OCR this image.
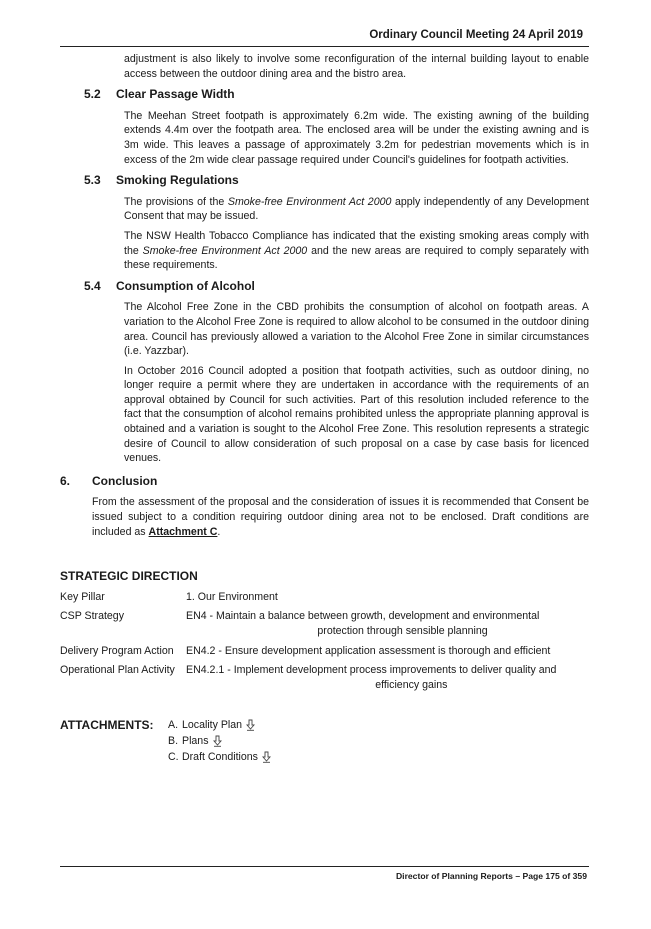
Ordinary Council Meeting 24 April 2019

adjustment is also likely to involve some reconfiguration of the internal building layout to enable access between the outdoor dining area and the bistro area.

5.2	Clear Passage Width

The Meehan Street footpath is approximately 6.2m wide. The existing awning of the building extends 4.4m over the footpath area. The enclosed area will be under the existing awning and is 3m wide. This leaves a passage of approximately 3.2m for pedestrian movements which is in excess of the 2m wide clear passage required under Council's guidelines for footpath activities.

5.3	Smoking Regulations

The provisions of the Smoke-free Environment Act 2000 apply independently of any Development Consent that may be issued.

The NSW Health Tobacco Compliance has indicated that the existing smoking areas comply with the Smoke-free Environment Act 2000 and the new areas are required to comply separately with these requirements.

5.4	Consumption of Alcohol

The Alcohol Free Zone in the CBD prohibits the consumption of alcohol on footpath areas. A variation to the Alcohol Free Zone is required to allow alcohol to be consumed in the outdoor dining area. Council has previously allowed a variation to the Alcohol Free Zone in similar circumstances (i.e. Yazzbar).

In October 2016 Council adopted a position that footpath activities, such as outdoor dining, no longer require a permit where they are undertaken in accordance with the requirements of an approval obtained by Council for such activities. Part of this resolution included reference to the fact that the consumption of alcohol remains prohibited unless the appropriate planning approval is obtained and a variation is sought to the Alcohol Free Zone. This resolution represents a strategic desire of Council to allow consideration of such proposal on a case by case basis for licenced venues.

6.	Conclusion

From the assessment of the proposal and the consideration of issues it is recommended that Consent be issued subject to a condition requiring outdoor dining area not to be enclosed. Draft conditions are included as Attachment C.

STRATEGIC DIRECTION
Key Pillar	1. Our Environment
CSP Strategy	EN4 - Maintain a balance between growth, development and environmental
protection through sensible planning
Delivery Program Action	EN4.2 - Ensure development application assessment is thorough and efficient
Operational Plan Activity	EN4.2.1 - Implement development process improvements to deliver quality and
efficiency gains
ATTACHMENTS:	A. Locality Plan
B. Plans
C. Draft Conditions
Director of Planning Reports – Page 175 of 359
